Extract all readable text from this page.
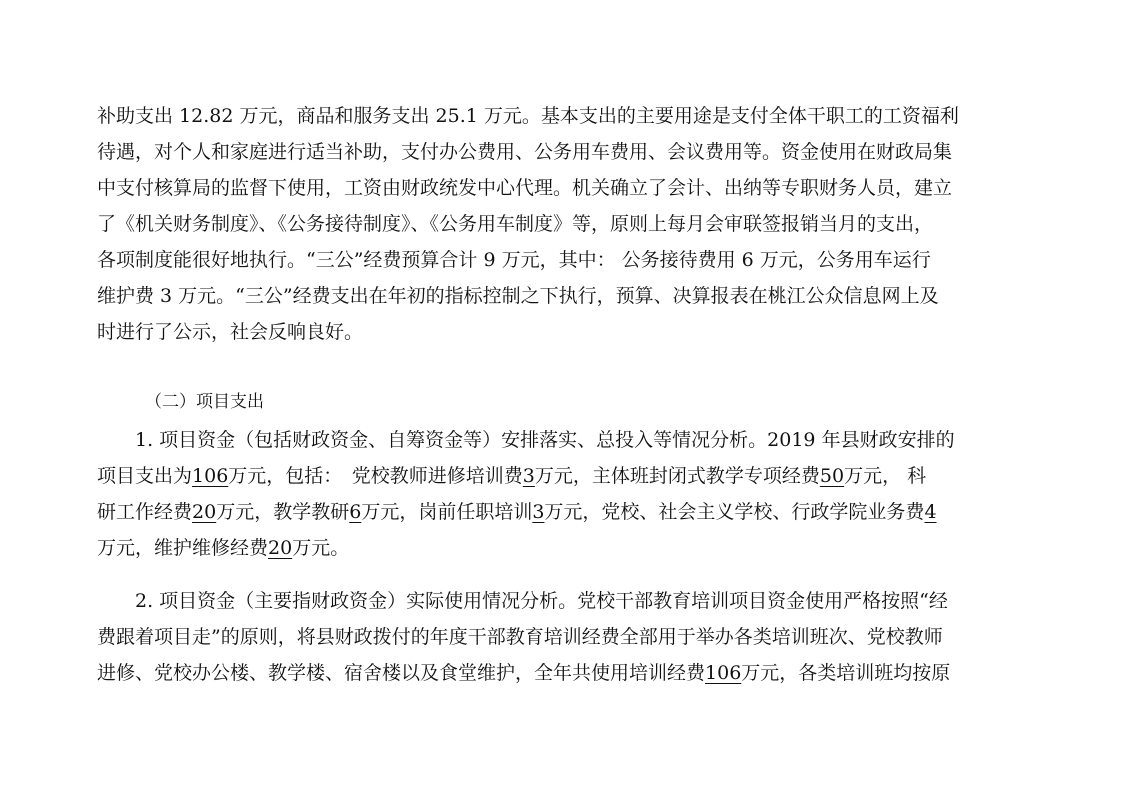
补助支出 12.82 万元，商品和服务支出 25.1 万元。基本支出的主要用途是支付全体干职工的工资福利
待遇，对个人和家庭进行适当补助，支付办公费用、公务用车费用、会议费用等。资金使用在财政局集
中支付核算局的监督下使用，工资由财政统发中心代理。机关确立了会计、出纳等专职财务人员，建立
了《机关财务制度》、《公务接待制度》、《公务用车制度》等，原则上每月会审联签报销当月的支出，
各项制度能很好地执行。“三公”经费预算合计 9 万元，其中： 公务接待费用 6 万元，公务用车运行
维护费 3 万元。“三公”经费支出在年初的指标控制之下执行，预算、决算报表在桃江公众信息网上及
时进行了公示，社会反响良好。
（二）项目支出
1. 项目资金（包括财政资金、自筹资金等）安排落实、总投入等情况分析。2019 年县财政安排的
项目支出为 106 万元，包括：　党校教师进修培训费 3 万元，主体班封闭式教学专项经费 50 万元， 科
研工作经费 20 万元，教学教研 6 万元，岗前任职培训 3 万元，党校、社会主义学校、行政学院业务费 4
万元，维护维修经费 20 万元。
2. 项目资金（主要指财政资金）实际使用情况分析。党校干部教育培训项目资金使用严格按照“经
费跟着项目走”的原则，将县财政拨付的年度干部教育培训经费全部用于举办各类培训班次、党校教师
进修、党校办公楼、教学楼、宿舍楼以及食堂维护，全年共使用培训经费 106 万元，各类培训班均按原
